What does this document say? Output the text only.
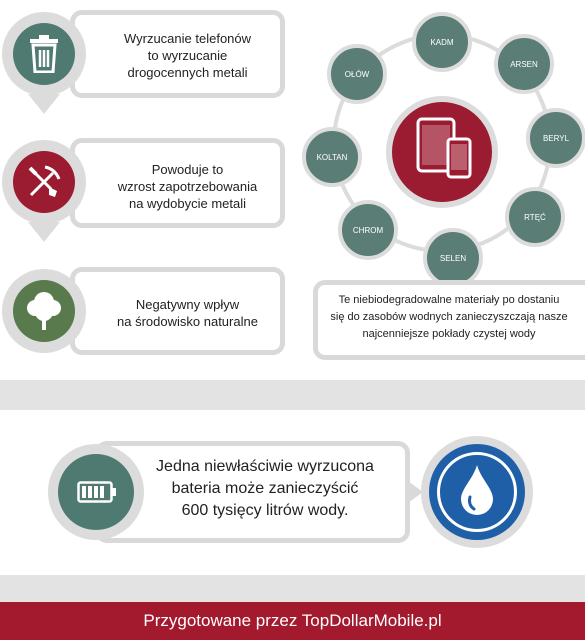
Wyrzucanie telefonów
to wyrzucanie
drogocennych metali
Powoduje to
wzrost zapotrzebowania
na wydobycie metali
Negatywny wpływ
na środowisko naturalne
KADM
ARSEN
BERYL
RTĘĆ
SELEN
CHROM
KOLTAN
OŁÓW
Te niebiodegradowalne materiały po dostaniu
się do zasobów wodnych zanieczyszczają nasze
najcenniejsze pokłady czystej wody
Jedna niewłaściwie wyrzucona
bateria może zanieczyścić
600 tysięcy litrów wody.
Przygotowane przez TopDollarMobile.pl
